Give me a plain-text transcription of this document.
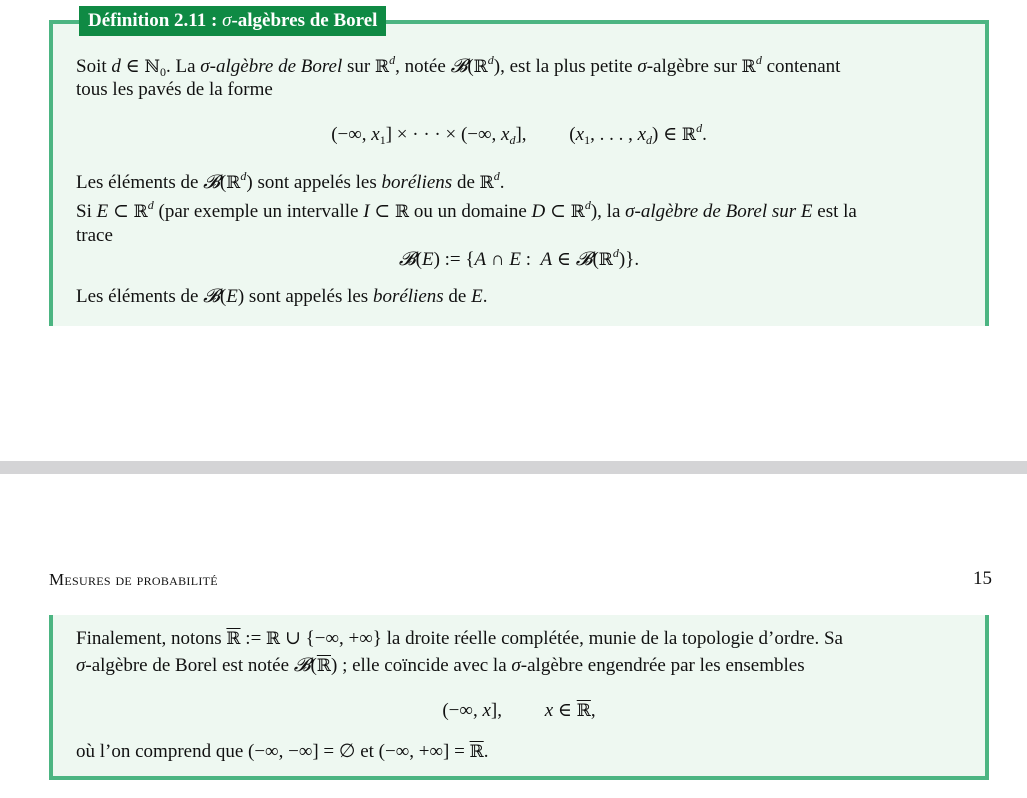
Définition 2.11 : σ-algèbres de Borel
Soit d ∈ ℕ$_0$. La σ-algèbre de Borel sur ℝ$^d$, notée 𝓑(ℝ$^d$), est la plus petite σ-algèbre sur ℝ$^d$ contenant
tous les pavés de la forme
(−∞, $x_1$] × · · · × (−∞, $x_d$],         ($x_1$, . . . , $x_d$) ∈ ℝ$^d$.
Les éléments de 𝓑(ℝ$^d$) sont appelés les boréliens de ℝ$^d$.
Si E ⊂ ℝ$^d$ (par exemple un intervalle I ⊂ ℝ ou un domaine D ⊂ ℝ$^d$), la σ-algèbre de Borel sur E est la
trace
𝓑(E) := {A ∩ E :  A ∈ 𝓑(ℝ$^d$)}.
Les éléments de 𝓑(E) sont appelés les boréliens de E.
Mesures de probabilité	15
Finalement, notons ℝ := ℝ ∪ {−∞, +∞} la droite réelle complétée, munie de la topologie d’ordre. Sa
σ-algèbre de Borel est notée 𝓑(ℝ) ; elle coïncide avec la σ-algèbre engendrée par les ensembles
(−∞, x],         x ∈ ℝ,
où l’on comprend que (−∞, −∞] = ∅ et (−∞, +∞] = ℝ.
